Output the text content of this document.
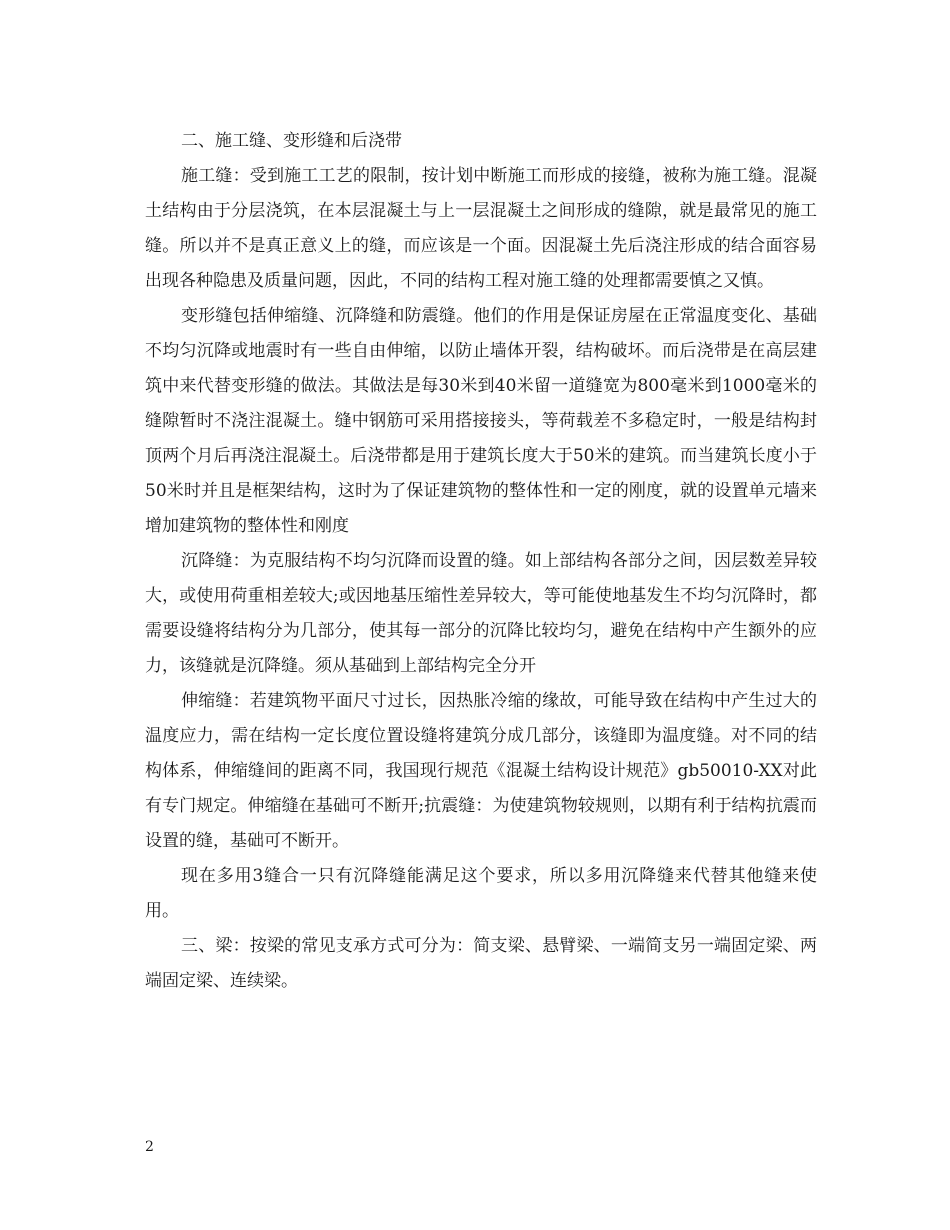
二、施工缝、变形缝和后浇带

施工缝：受到施工工艺的限制，按计划中断施工而形成的接缝，被称为施工缝。混凝土结构由于分层浇筑，在本层混凝土与上一层混凝土之间形成的缝隙，就是最常见的施工缝。所以并不是真正意义上的缝，而应该是一个面。因混凝土先后浇注形成的结合面容易出现各种隐患及质量问题，因此，不同的结构工程对施工缝的处理都需要慎之又慎。

变形缝包括伸缩缝、沉降缝和防震缝。他们的作用是保证房屋在正常温度变化、基础不均匀沉降或地震时有一些自由伸缩，以防止墙体开裂，结构破坏。而后浇带是在高层建筑中来代替变形缝的做法。其做法是每30米到40米留一道缝宽为800毫米到1000毫米的缝隙暂时不浇注混凝土。缝中钢筋可采用搭接接头，等荷载差不多稳定时，一般是结构封顶两个月后再浇注混凝土。后浇带都是用于建筑长度大于50米的建筑。而当建筑长度小于50米时并且是框架结构，这时为了保证建筑物的整体性和一定的刚度，就的设置单元墙来增加建筑物的整体性和刚度

沉降缝：为克服结构不均匀沉降而设置的缝。如上部结构各部分之间，因层数差异较大，或使用荷重相差较大;或因地基压缩性差异较大，等可能使地基发生不均匀沉降时，都需要设缝将结构分为几部分，使其每一部分的沉降比较均匀，避免在结构中产生额外的应力，该缝就是沉降缝。须从基础到上部结构完全分开

伸缩缝：若建筑物平面尺寸过长，因热胀冷缩的缘故，可能导致在结构中产生过大的温度应力，需在结构一定长度位置设缝将建筑分成几部分，该缝即为温度缝。对不同的结构体系，伸缩缝间的距离不同，我国现行规范《混凝土结构设计规范》gb50010-XX对此有专门规定。伸缩缝在基础可不断开;抗震缝：为使建筑物较规则，以期有利于结构抗震而设置的缝，基础可不断开。

现在多用3缝合一只有沉降缝能满足这个要求，所以多用沉降缝来代替其他缝来使用。

三、梁：按梁的常见支承方式可分为：简支梁、悬臂梁、一端简支另一端固定梁、两端固定梁、连续梁。

2
